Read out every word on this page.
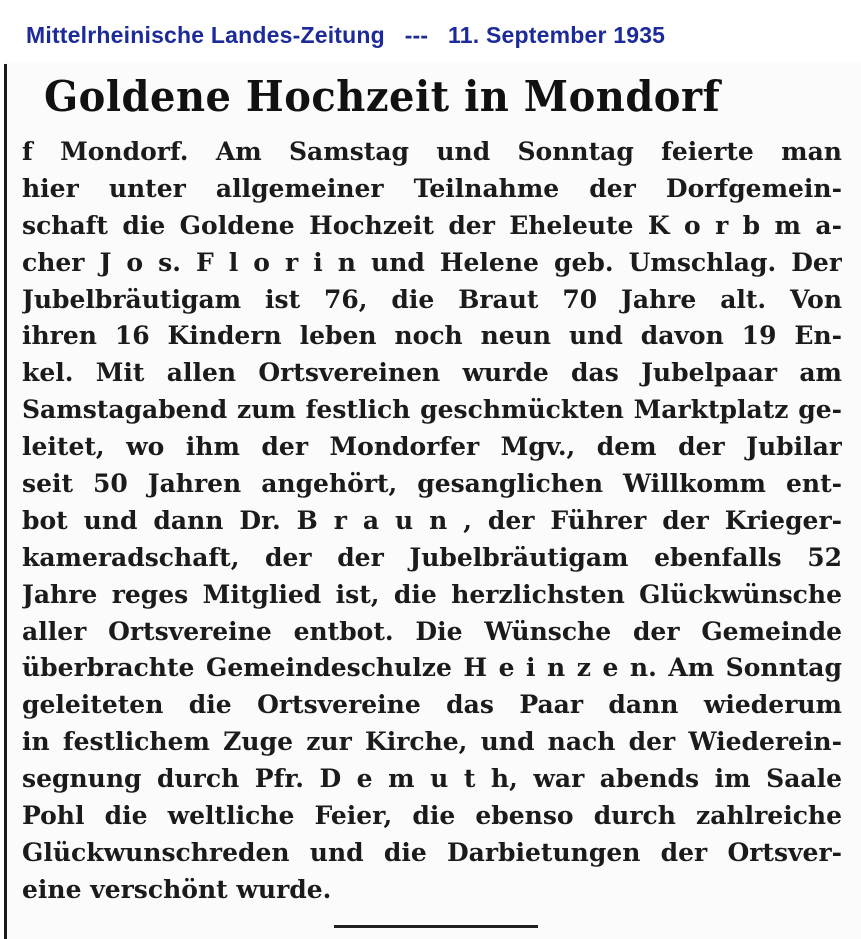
Mittelrheinische Landes-Zeitung --- 11. September 1935
Goldene Hochzeit in Mondorf
f Mondorf. Am Samstag und Sonntag feierte man
hier unter allgemeiner Teilnahme der Dorfgemein-
schaft die Goldene Hochzeit der Eheleute K o r b m a-
cher J o s. F l o r i n und Helene geb. Umschlag. Der
Jubelbräutigam ist 76, die Braut 70 Jahre alt. Von
ihren 16 Kindern leben noch neun und davon 19 En-
kel. Mit allen Ortsvereinen wurde das Jubelpaar am
Samstagabend zum festlich geschmückten Marktplatz ge-
leitet, wo ihm der Mondorfer Mgv., dem der Jubilar
seit 50 Jahren angehört, gesanglichen Willkomm ent-
bot und dann Dr. B r a u n , der Führer der Krieger-
kameradschaft, der der Jubelbräutigam ebenfalls 52
Jahre reges Mitglied ist, die herzlichsten Glückwünsche
aller Ortsvereine entbot. Die Wünsche der Gemeinde
überbrachte Gemeindeschulze H e i n z e n. Am Sonntag
geleiteten die Ortsvereine das Paar dann wiederum
in festlichem Zuge zur Kirche, und nach der Wiederein-
segnung durch Pfr. D e m u t h, war abends im Saale
Pohl die weltliche Feier, die ebenso durch zahlreiche
Glückwunschreden und die Darbietungen der Ortsver-
eine verschönt wurde.
